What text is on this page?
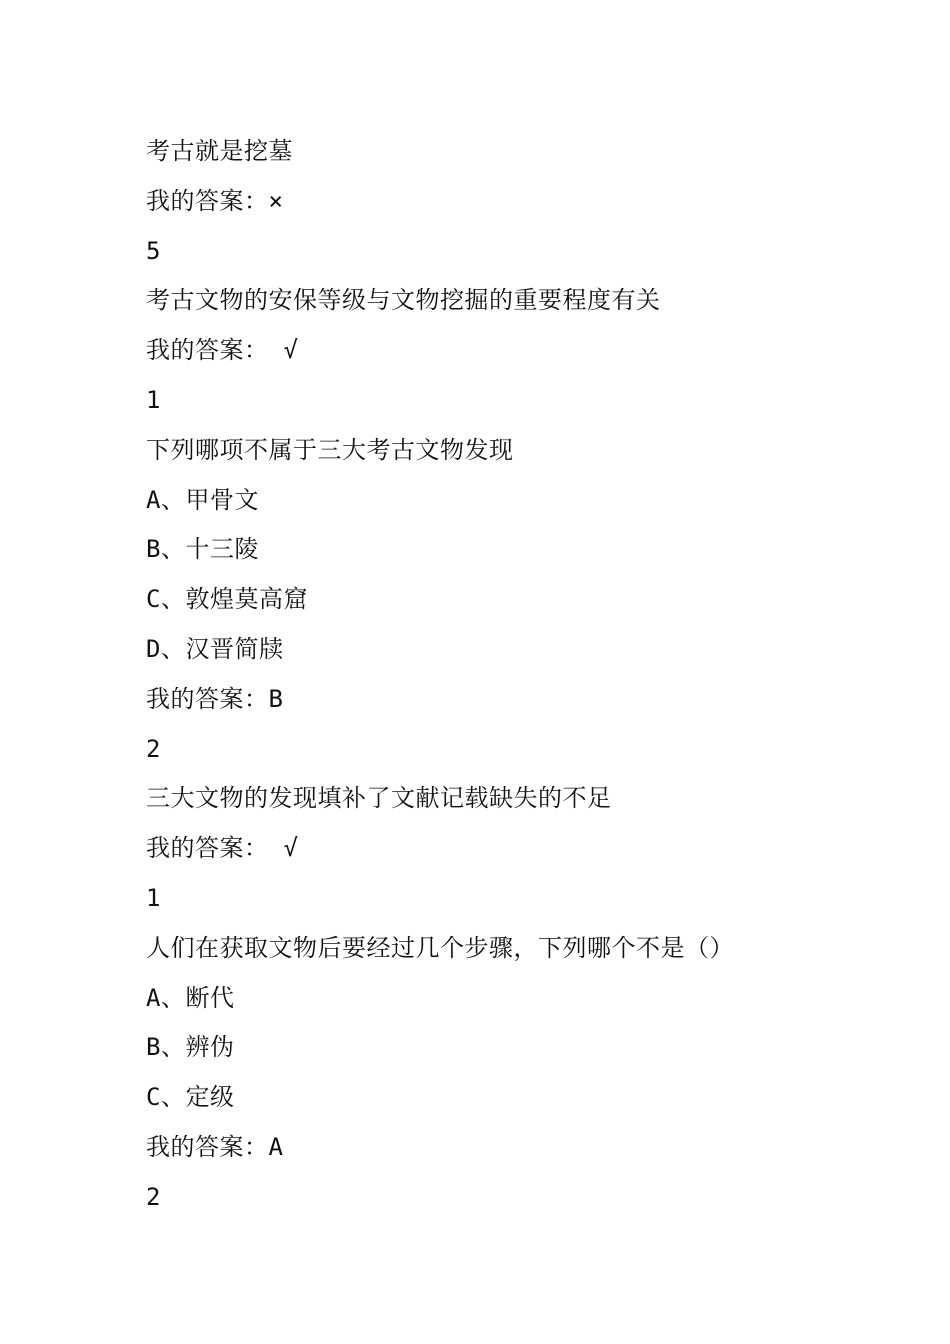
考古就是挖墓
我的答案：×
5
考古文物的安保等级与文物挖掘的重要程度有关
我的答案： √
1
下列哪项不属于三大考古文物发现
A、甲骨文
B、十三陵
C、敦煌莫高窟
D、汉晋简牍
我的答案：B
2
三大文物的发现填补了文献记载缺失的不足
我的答案： √
1
人们在获取文物后要经过几个步骤，下列哪个不是（）
A、断代
B、辨伪
C、定级
我的答案：A
2
